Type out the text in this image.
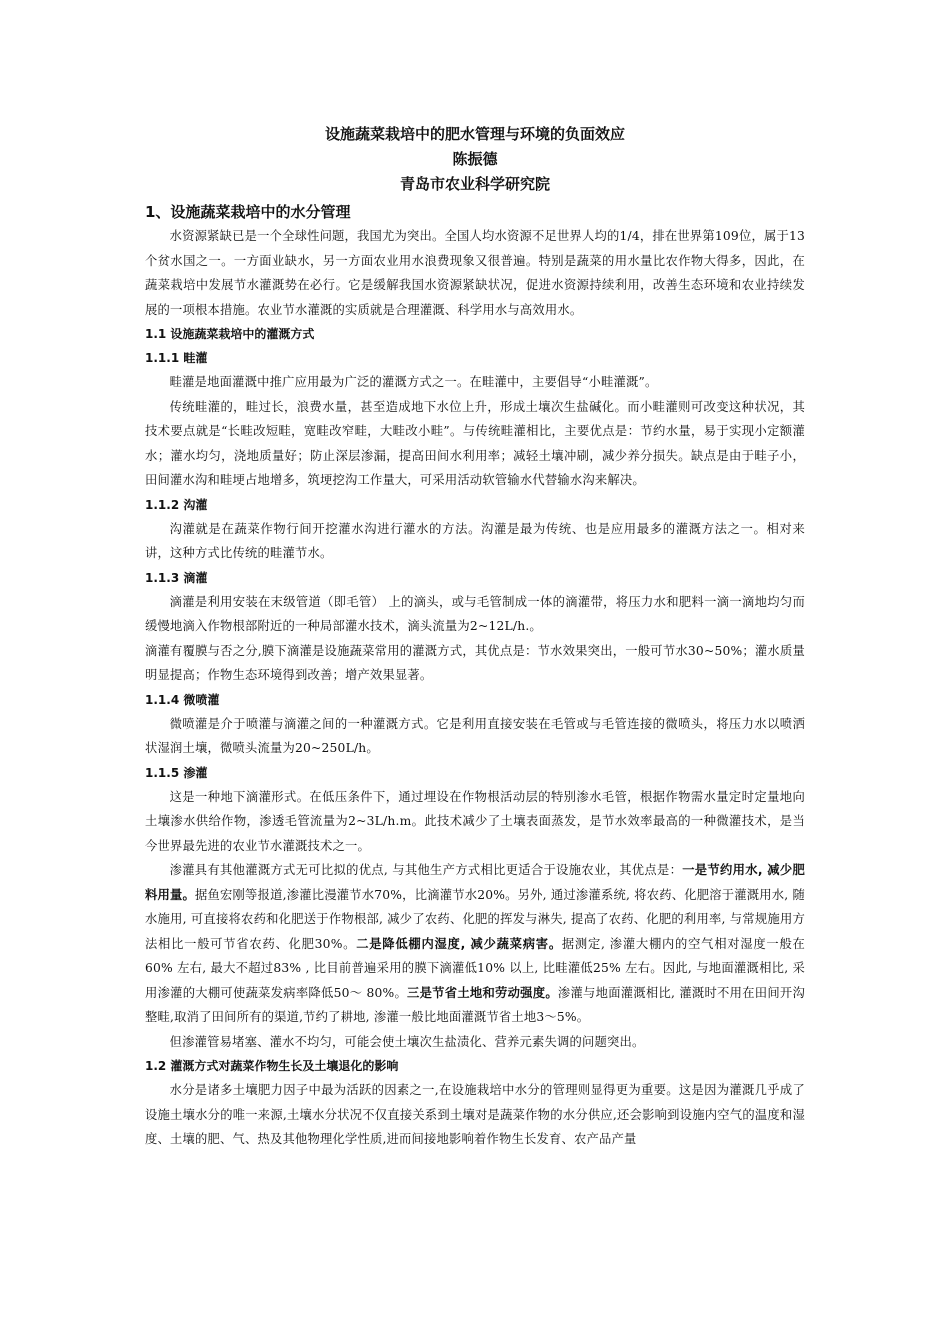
设施蔬菜栽培中的肥水管理与环境的负面效应
陈振德
青岛市农业科学研究院
1、设施蔬菜栽培中的水分管理
水资源紧缺已是一个全球性问题，我国尤为突出。全国人均水资源不足世界人均的1/4，排在世界第109位，属于13个贫水国之一。一方面业缺水，另一方面农业用水浪费现象又很普遍。特别是蔬菜的用水量比农作物大得多，因此，在蔬菜栽培中发展节水灌溉势在必行。它是缓解我国水资源紧缺状况，促进水资源持续利用，改善生态环境和农业持续发展的一项根本措施。农业节水灌溉的实质就是合理灌溉、科学用水与高效用水。
1.1 设施蔬菜栽培中的灌溉方式
1.1.1 畦灌
畦灌是地面灌溉中推广应用最为广泛的灌溉方式之一。在畦灌中，主要倡导“小畦灌溉”。
传统畦灌的，畦过长，浪费水量，甚至造成地下水位上升，形成土壤次生盐碱化。而小畦灌则可改变这种状况，其技术要点就是“长畦改短畦，宽畦改窄畦，大畦改小畦”。与传统畦灌相比，主要优点是：节约水量，易于实现小定额灌水；灌水均匀，浇地质量好；防止深层渗漏，提高田间水利用率；减轻土壤冲刷，减少养分损失。缺点是由于畦子小，田间灌水沟和畦埂占地增多，筑埂挖沟工作量大，可采用活动软管输水代替输水沟来解决。
1.1.2 沟灌
沟灌就是在蔬菜作物行间开挖灌水沟进行灌水的方法。沟灌是最为传统、也是应用最多的灌溉方法之一。相对来讲，这种方式比传统的畦灌节水。
1.1.3 滴灌
滴灌是利用安装在末级管道（即毛管） 上的滴头，或与毛管制成一体的滴灌带，将压力水和肥料一滴一滴地均匀而缓慢地滴入作物根部附近的一种局部灌水技术，滴头流量为2~12L/h.。
滴灌有覆膜与否之分,膜下滴灌是设施蔬菜常用的灌溉方式，其优点是：节水效果突出，一般可节水30~50%；灌水质量明显提高；作物生态环境得到改善；增产效果显著。
1.1.4 微喷灌
微喷灌是介于喷灌与滴灌之间的一种灌溉方式。它是利用直接安装在毛管或与毛管连接的微喷头，将压力水以喷洒状湿润土壤，微喷头流量为20~250L/h。
1.1.5 渗灌
这是一种地下滴灌形式。在低压条件下，通过埋设在作物根活动层的特别渗水毛管，根据作物需水量定时定量地向土壤渗水供给作物，渗透毛管流量为2~3L/h.m。此技术减少了土壤表面蒸发，是节水效率最高的一种微灌技术，是当今世界最先进的农业节水灌溉技术之一。
渗灌具有其他灌溉方式无可比拟的优点, 与其他生产方式相比更适合于设施农业，其优点是：一是节约用水, 减少肥料用量。据鱼宏刚等报道,渗灌比漫灌节水70%，比滴灌节水20%。另外, 通过渗灌系统, 将农药、化肥溶于灌溉用水, 随水施用, 可直接将农药和化肥送于作物根部, 减少了农药、化肥的挥发与淋失, 提高了农药、化肥的利用率, 与常规施用方法相比一般可节省农药、化肥30%。二是降低棚内湿度, 减少蔬菜病害。据测定, 渗灌大棚内的空气相对湿度一般在60% 左右, 最大不超过83% , 比目前普遍采用的膜下滴灌低10% 以上, 比畦灌低25% 左右。因此, 与地面灌溉相比, 采用渗灌的大棚可使蔬菜发病率降低50～ 80%。三是节省土地和劳动强度。渗灌与地面灌溉相比, 灌溉时不用在田间开沟整畦,取消了田间所有的渠道,节约了耕地, 渗灌一般比地面灌溉节省土地3～5%。
但渗灌管易堵塞、灌水不均匀，可能会使土壤次生盐渍化、营养元素失调的问题突出。
1.2 灌溉方式对蔬菜作物生长及土壤退化的影响
水分是诸多土壤肥力因子中最为活跃的因素之一,在设施栽培中水分的管理则显得更为重要。这是因为灌溉几乎成了设施土壤水分的唯一来源,土壤水分状况不仅直接关系到土壤对是蔬菜作物的水分供应,还会影响到设施内空气的温度和湿度、土壤的肥、气、热及其他物理化学性质,进而间接地影响着作物生长发育、农产品产量
